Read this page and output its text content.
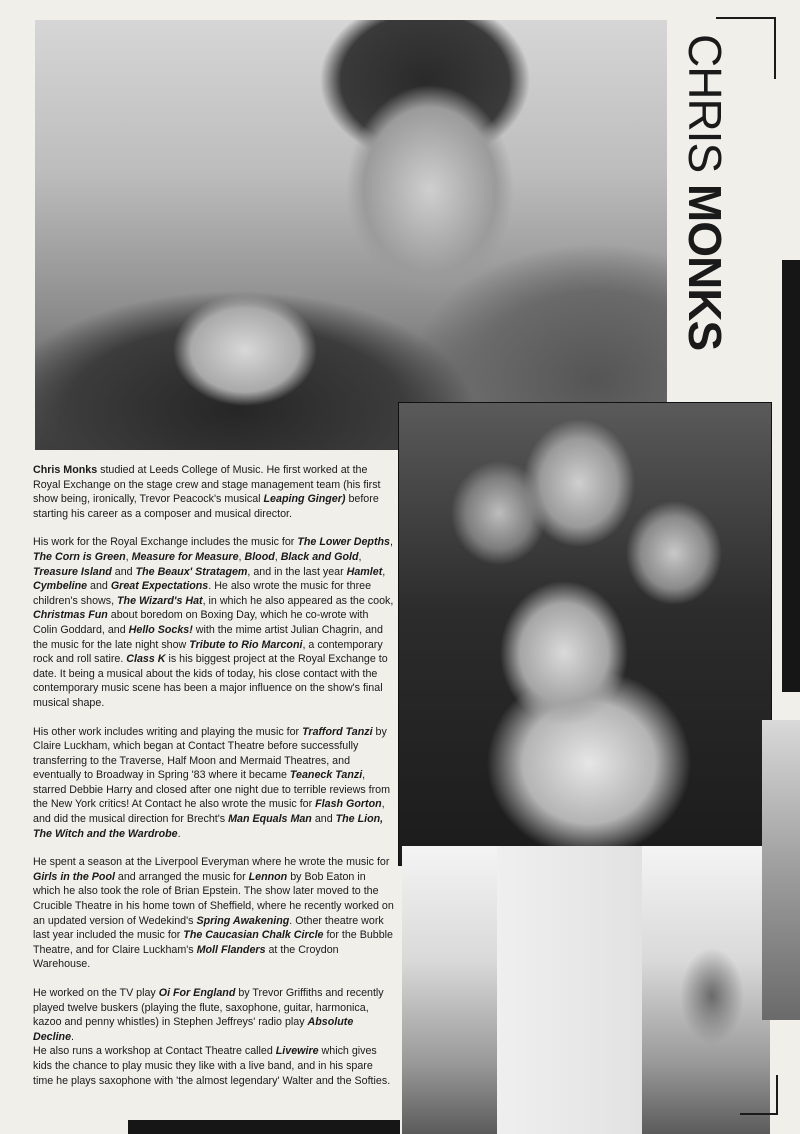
CHRIS MONKS

Chris Monks studied at Leeds College of Music. He first worked at the Royal Exchange on the stage crew and stage management team (his first show being, ironically, Trevor Peacock's musical Leaping Ginger) before starting his career as a composer and musical director.

His work for the Royal Exchange includes the music for The Lower Depths, The Corn is Green, Measure for Measure, Blood, Black and Gold, Treasure Island and The Beaux' Stratagem, and in the last year Hamlet, Cymbeline and Great Expectations. He also wrote the music for three children's shows, The Wizard's Hat, in which he also appeared as the cook, Christmas Fun about boredom on Boxing Day, which he co-wrote with Colin Goddard, and Hello Socks! with the mime artist Julian Chagrin, and the music for the late night show Tribute to Rio Marconi, a contemporary rock and roll satire. Class K is his biggest project at the Royal Exchange to date. It being a musical about the kids of today, his close contact with the contemporary music scene has been a major influence on the show's final musical shape.

His other work includes writing and playing the music for Trafford Tanzi by Claire Luckham, which began at Contact Theatre before successfully transferring to the Traverse, Half Moon and Mermaid Theatres, and eventually to Broadway in Spring '83 where it became Teaneck Tanzi, starred Debbie Harry and closed after one night due to terrible reviews from the New York critics! At Contact he also wrote the music for Flash Gorton, and did the musical direction for Brecht's Man Equals Man and The Lion, The Witch and the Wardrobe.

He spent a season at the Liverpool Everyman where he wrote the music for Girls in the Pool and arranged the music for Lennon by Bob Eaton in which he also took the role of Brian Epstein. The show later moved to the Crucible Theatre in his home town of Sheffield, where he recently worked on an updated version of Wedekind's Spring Awakening. Other theatre work last year included the music for The Caucasian Chalk Circle for the Bubble Theatre, and for Claire Luckham's Moll Flanders at the Croydon Warehouse.

He worked on the TV play Oi For England by Trevor Griffiths and recently played twelve buskers (playing the flute, saxophone, guitar, harmonica, kazoo and penny whistles) in Stephen Jeffreys' radio play Absolute Decline.

He also runs a workshop at Contact Theatre called Livewire which gives kids the chance to play music they like with a live band, and in his spare time he plays saxophone with 'the almost legendary' Walter and the Softies.
